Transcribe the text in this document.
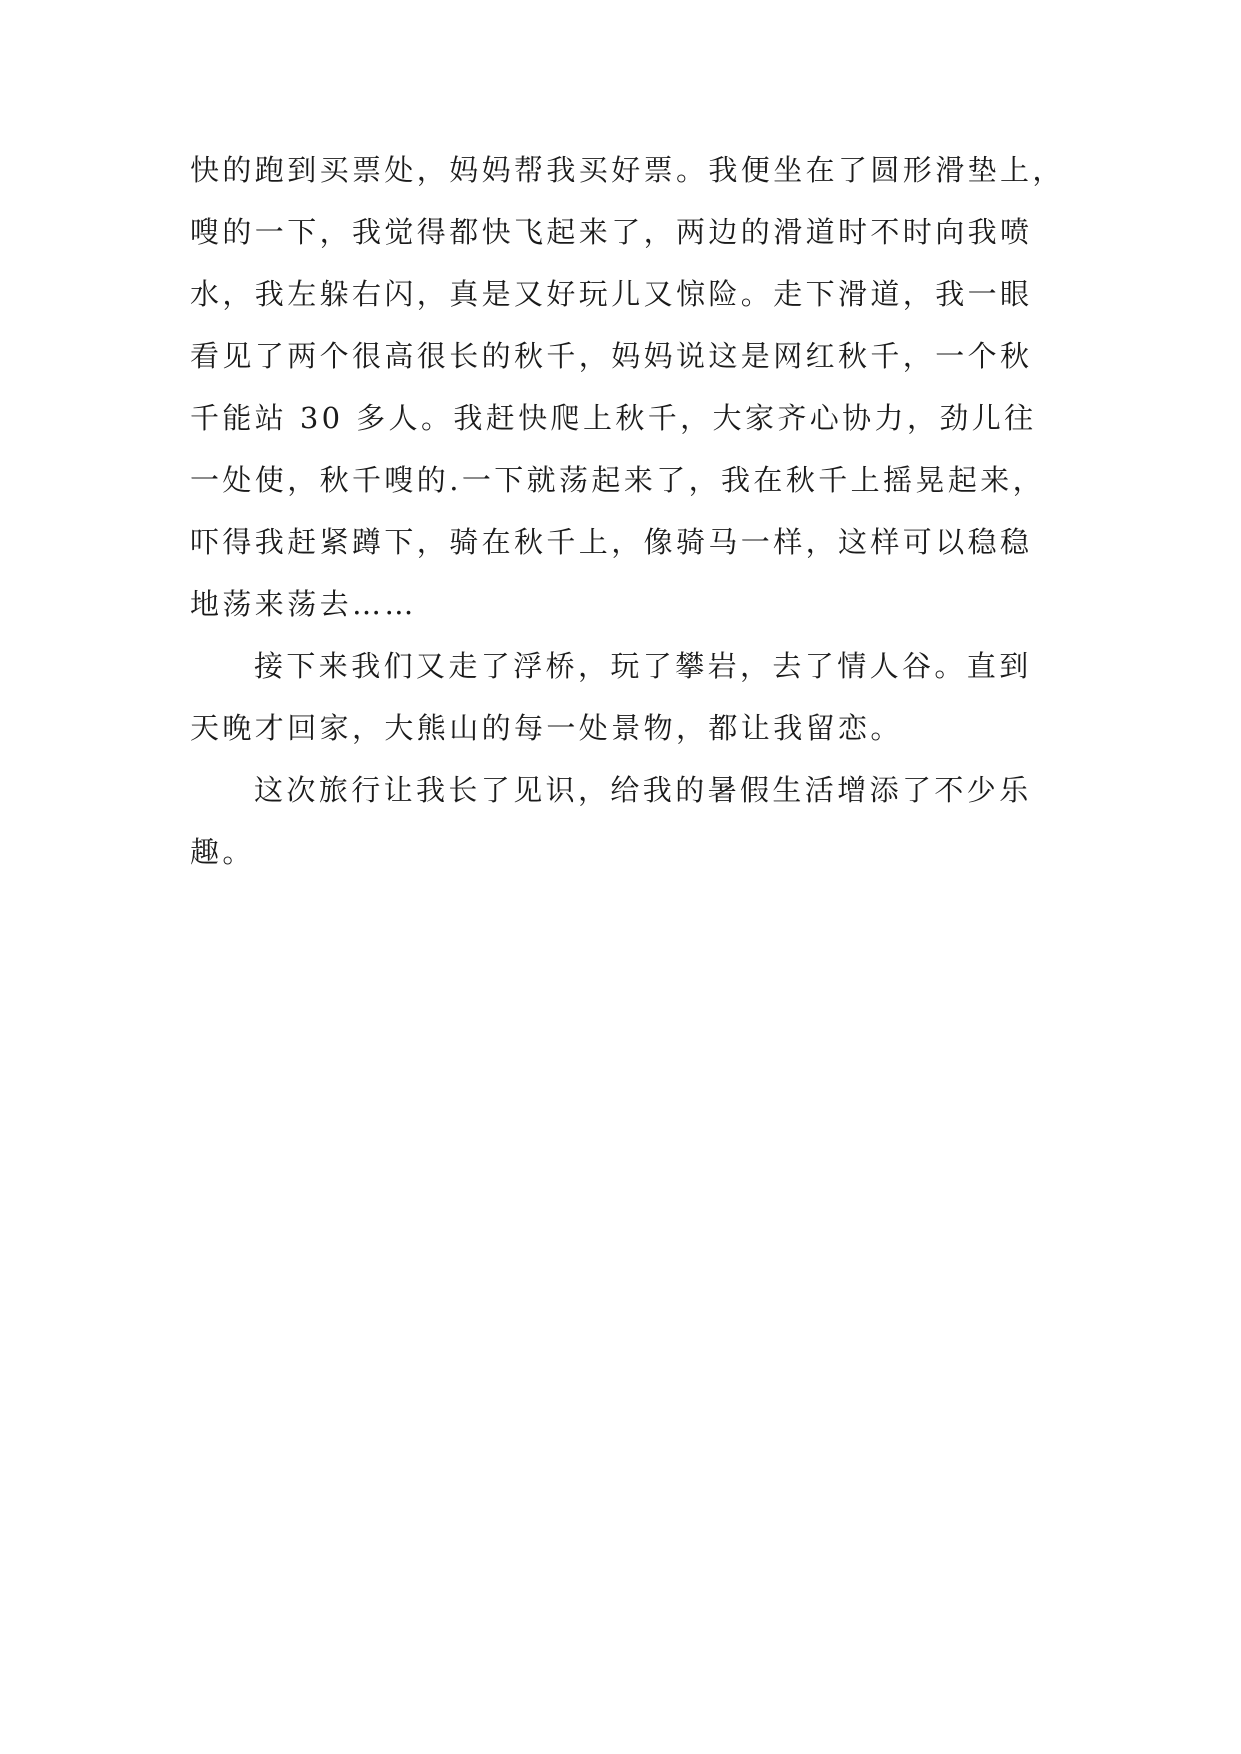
快的跑到买票处，妈妈帮我买好票。我便坐在了圆形滑垫上，
嗖的一下，我觉得都快飞起来了，两边的滑道时不时向我喷
水，我左躲右闪，真是又好玩儿又惊险。走下滑道，我一眼
看见了两个很高很长的秋千，妈妈说这是网红秋千，一个秋
千能站 30 多人。我赶快爬上秋千，大家齐心协力，劲儿往
一处使，秋千嗖的.一下就荡起来了，我在秋千上摇晃起来，
吓得我赶紧蹲下，骑在秋千上，像骑马一样，这样可以稳稳
地荡来荡去……
接下来我们又走了浮桥，玩了攀岩，去了情人谷。直到
天晚才回家，大熊山的每一处景物，都让我留恋。
这次旅行让我长了见识，给我的暑假生活增添了不少乐
趣。
